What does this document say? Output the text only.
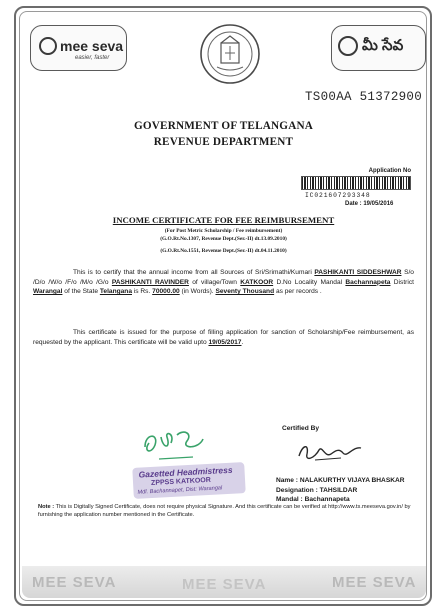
mee seva
easier, faster
మీ సేవ
TS00AA 51372900
GOVERNMENT OF TELANGANA
REVENUE DEPARTMENT
Application No
IC021607293348
Date : 19/05/2016
INCOME CERTIFICATE FOR FEE REIMBURSEMENT
(For Post Metric Scholarship / Fee reimbursement)
(G.O.Rt.No.1307, Revenue Dept.(Ser.-II) dt.13.09.2010)
(G.O.Rt.No.1551, Revenue Dept.(Ser.-II) dt.04.11.2010)
This is to certify that the annual income from all Sources of Sri/Srimathi/Kumari PASHIKANTI SIDDESHWAR S/o /D/o /W/o /F/o /M/o /G/o PASHIKANTI RAVINDER of village/Town KATKOOR D.No Locality Mandal Bachannapeta District Warangal of the State Telangana is Rs. 70000.00 (in Words). Seventy Thousand as per records .
This certificate is issued for the purpose of filling application for sanction of Scholarship/Fee reimbursement, as requested by the applicant. This certificate will be valid upto 19/05/2017.
Certified By
Name : NALAKURTHY VIJAYA BHASKAR
Designation : TAHSILDAR
Mandal : Bachannapeta
Gazetted Headmistress
ZPPSS KATKOOR
Mdl. Bachannapet, Dist: Warangal
Note : This is Digitally Signed Certificate, does not require physical Signature. And this certificate can be verified at http://www.ts.meeseva.gov.in/ by furnishing the application number mentioned in the Certificate.
MEE SEVA	MEE SEVA	MEE SEVA
